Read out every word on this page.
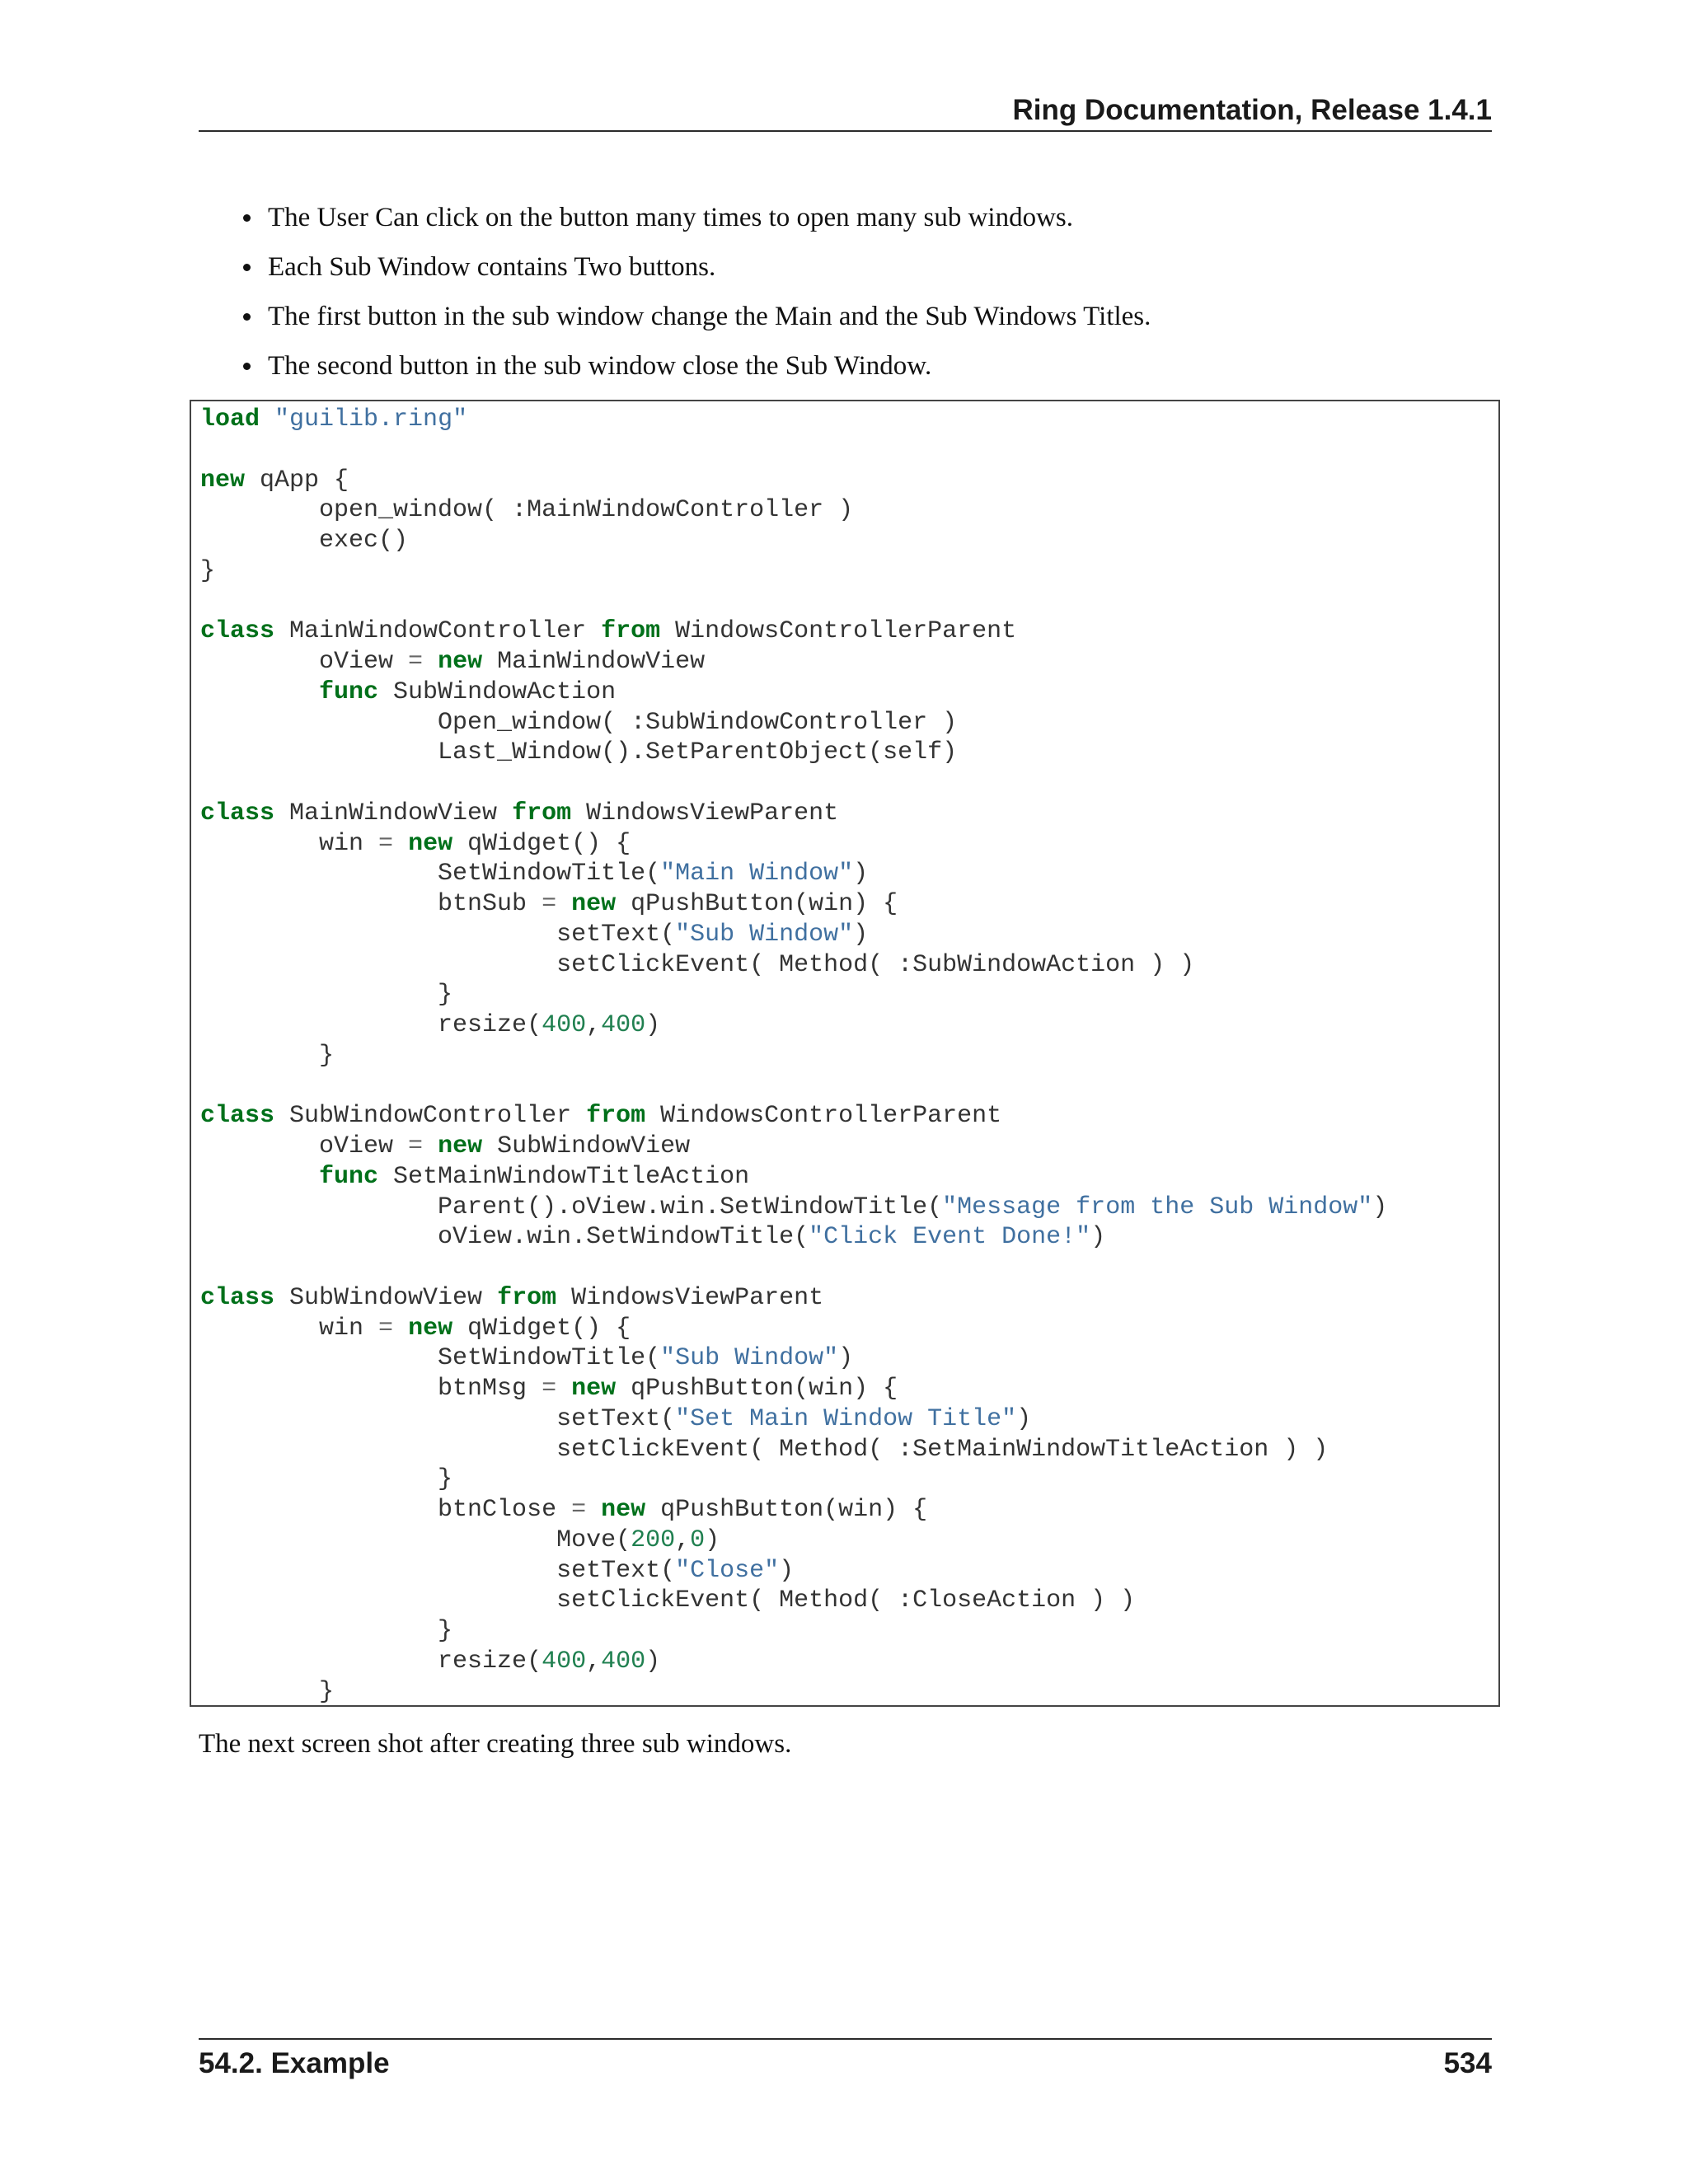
Ring Documentation, Release 1.4.1
The User Can click on the button many times to open many sub windows.
Each Sub Window contains Two buttons.
The first button in the sub window change the Main and the Sub Windows Titles.
The second button in the sub window close the Sub Window.
load "guilib.ring"

new qApp {
open_window( :MainWindowController )
exec()
}

class MainWindowController from WindowsControllerParent
oView = new MainWindowView
func SubWindowAction
Open_window( :SubWindowController )
Last_Window().SetParentObject(self)

class MainWindowView from WindowsViewParent
win = new qWidget() {
SetWindowTitle("Main Window")
btnSub = new qPushButton(win) {
setText("Sub Window")
setClickEvent( Method( :SubWindowAction ) )
}
resize(400,400)
}

class SubWindowController from WindowsControllerParent
oView = new SubWindowView
func SetMainWindowTitleAction
Parent().oView.win.SetWindowTitle("Message from the Sub Window")
oView.win.SetWindowTitle("Click Event Done!")

class SubWindowView from WindowsViewParent
win = new qWidget() {
SetWindowTitle("Sub Window")
btnMsg = new qPushButton(win) {
setText("Set Main Window Title")
setClickEvent( Method( :SetMainWindowTitleAction ) )
}
btnClose = new qPushButton(win) {
Move(200,0)
setText("Close")
setClickEvent( Method( :CloseAction ) )
}
resize(400,400)
}

The next screen shot after creating three sub windows.
54.2. Example	534
